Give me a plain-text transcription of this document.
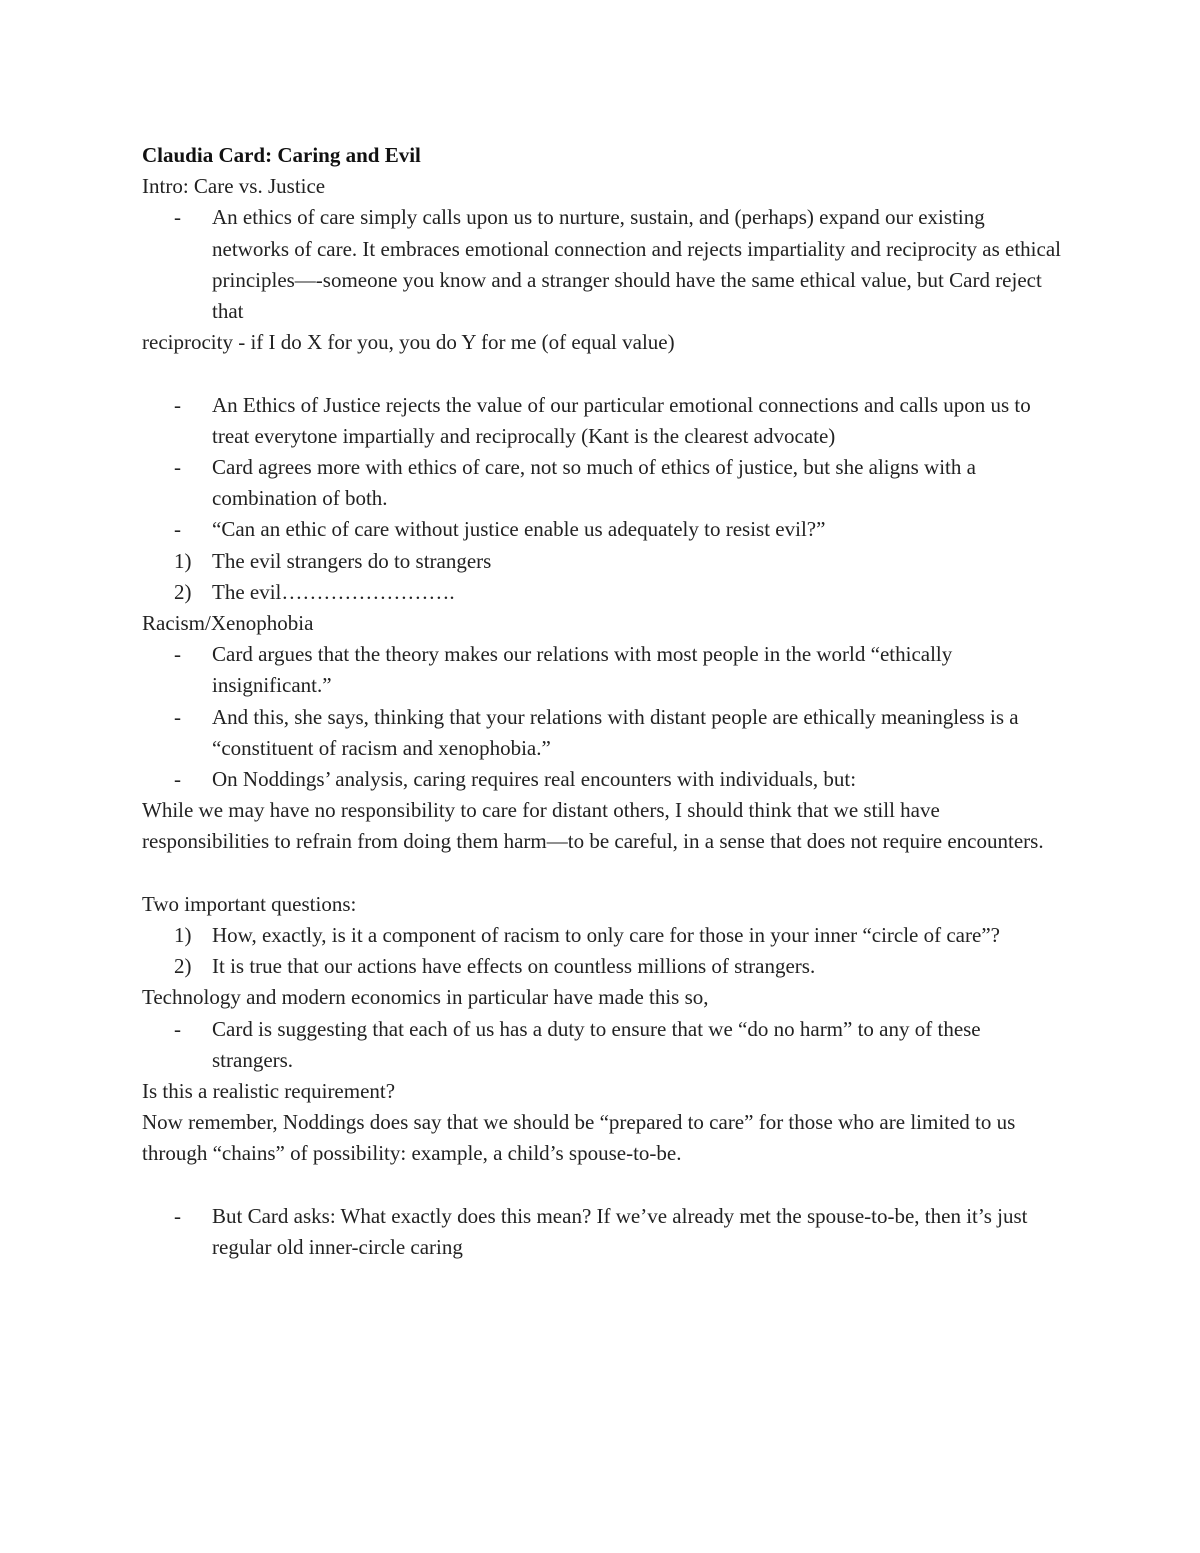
Claudia Card: Caring and Evil

Intro: Care vs. Justice

-	An ethics of care simply calls upon us to nurture, sustain, and (perhaps) expand our existing networks of care. It embraces emotional connection and rejects impartiality and reciprocity as ethical principles—-someone you know and a stranger should have the same ethical value, but Card reject that

reciprocity - if I do X for you, you do Y for me (of equal value)

-	An Ethics of Justice rejects the value of our particular emotional connections and calls upon us to treat everytone impartially and reciprocally (Kant is the clearest advocate)
-	Card agrees more with ethics of care, not so much of ethics of justice, but she aligns with a combination of both.
-	“Can an ethic of care without justice enable us adequately to resist evil?”
1) The evil strangers do to strangers
2) The evil…………………….

Racism/Xenophobia

-	Card argues that the theory makes our relations with most people in the world “ethically insignificant.”
-	And this, she says, thinking that your relations with distant people are ethically meaningless is a “constituent of racism and xenophobia.”
-	On Noddings’ analysis, caring requires real encounters with individuals, but:

While we may have no responsibility to care for distant others, I should think that we still have responsibilities to refrain from doing them harm—to be careful, in a sense that does not require encounters.

Two important questions:

1) How, exactly, is it a component of racism to only care for those in your inner “circle of care”?
2) It is true that our actions have effects on countless millions of strangers.

Technology and modern economics in particular have made this so,

-	Card is suggesting that each of us has a duty to ensure that we “do no harm” to any of these strangers.

Is this a realistic requirement?

Now remember, Noddings does say that we should be “prepared to care” for those who are limited to us through “chains” of possibility: example, a child’s spouse-to-be.

-	But Card asks: What exactly does this mean? If we’ve already met the spouse-to-be, then it’s just regular old inner-circle caring
